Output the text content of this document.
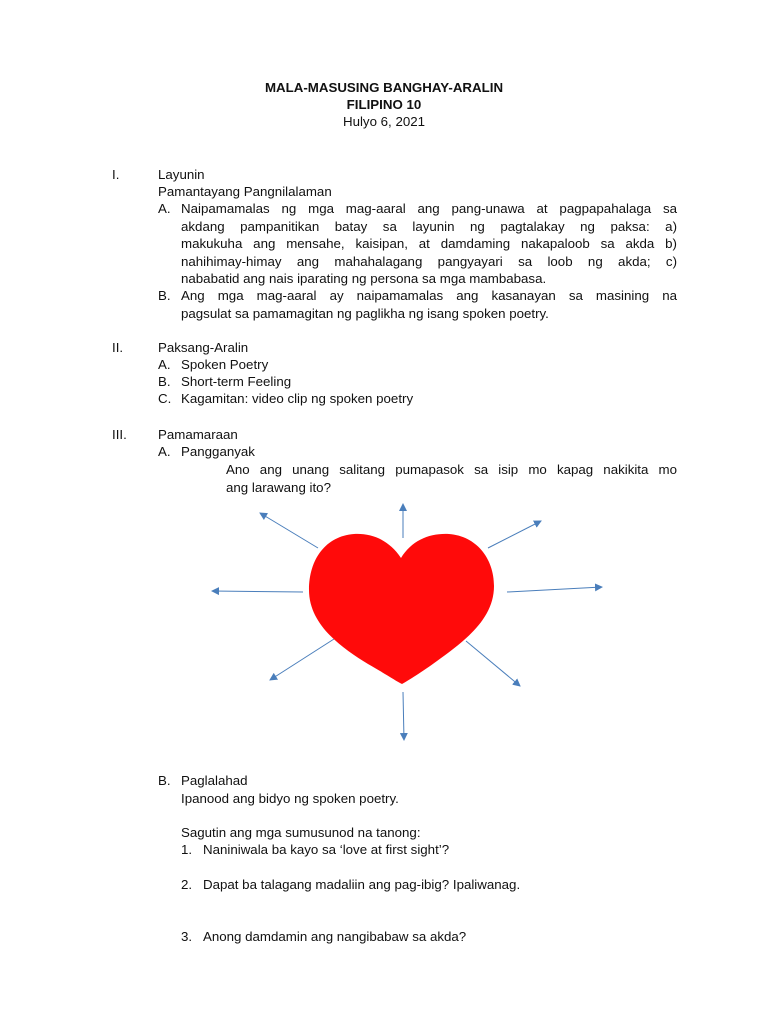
MALA-MASUSING BANGHAY-ARALIN
FILIPINO 10
Hulyo 6, 2021
I.	Layunin
Pamantayang Pangnilalaman
A. Naipamamalas ng mga mag-aaral ang pang-unawa at pagpapahalaga sa
akdang pampanitikan batay sa layunin ng pagtalakay ng paksa: a)
makukuha ang mensahe, kaisipan, at damdaming nakapaloob sa akda b)
nahihimay-himay ang mahahalagang pangyayari sa loob ng akda; c)
nababatid ang nais iparating ng persona sa mga mambabasa.
B. Ang mga mag-aaral ay naipamamalas ang kasanayan sa masining na
pagsulat sa pamamagitan ng paglikha ng isang spoken poetry.
II.	Paksang-Aralin
A. Spoken Poetry
B. Short-term Feeling
C. Kagamitan: video clip ng spoken poetry
III. Pamamaraan
A. Pangganyak
Ano ang unang salitang pumapasok sa isip mo kapag nakikita mo
ang larawang ito?
B. Paglalahad
Ipanood ang bidyo ng spoken poetry.
Sagutin ang mga sumusunod na tanong:
1. Naniniwala ba kayo sa ‘love at first sight’?
2. Dapat ba talagang madaliin ang pag-ibig? Ipaliwanag.
3. Anong damdamin ang nangibabaw sa akda?
